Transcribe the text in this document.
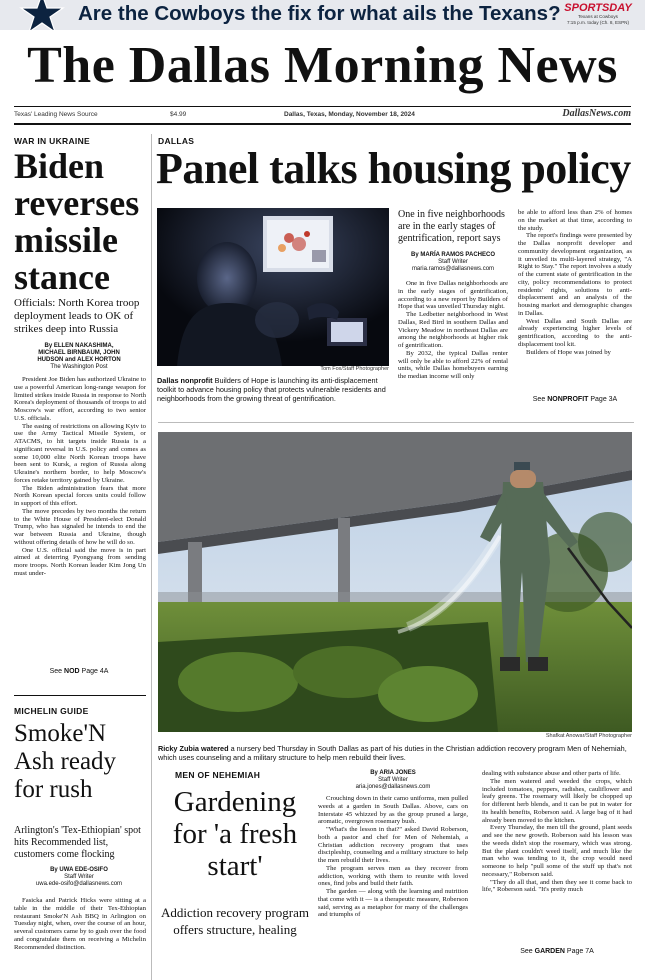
Are the Cowboys the fix for what ails the Texans? SPORTSDAY
Texans at Cowboys
7:15 p.m. today (Ch. 8, ESPN)
The Dallas Morning News
Texas' Leading News Source	$4.99	Dallas, Texas, Monday, November 18, 2024	DallasNews.com
WAR IN UKRAINE
Biden reverses missile stance
Officials: North Korea troop deployment leads to OK of strikes deep into Russia
By ELLEN NAKASHIMA,
MICHAEL BIRNBAUM, JOHN
HUDSON and ALEX HORTON
The Washington Post

President Joe Biden has authorized Ukraine to use a powerful American long-range weapon for limited strikes inside Russia in response to North Korea's deployment of thousands of troops to aid Moscow's war effort, according to two senior U.S. officials.

The easing of restrictions on allowing Kyiv to use the Army Tactical Missile System, or ATACMS, to hit targets inside Russia is a significant reversal in U.S. policy and comes as some 10,000 elite North Korean troops have been sent to Kursk, a region of Russia along Ukraine's northern border, to help Moscow's forces retake territory gained by Ukraine.

The Biden administration fears that more North Korean special forces units could follow in support of this effort.

The move precedes by two months the return to the White House of President-elect Donald Trump, who has signaled he intends to end the war between Russia and Ukraine, though without offering details of how he will do so.

One U.S. official said the move is in part aimed at deterring Pyongyang from sending more troops. North Korean leader Kim Jong Un must under-

See NOD Page 4A
MICHELIN GUIDE
Smoke'N Ash ready for rush
Arlington's 'Tex-Ethiopian' spot hits Recommended list, customers come flocking
By UWA EDE-OSIFO
Staff Writer
uwa.ede-osifo@dallasnews.com

Fasicka and Patrick Hicks were sitting at a table in the middle of their Tex-Ethiopian restaurant Smoke'N Ash BBQ in Arlington on Tuesday night, when, over the course of an hour, several customers came by to gush over the food and congratulate them on receiving a Michelin Recommended distinction.

DALLAS
Panel talks housing policy
Tom Fox/Staff Photographer
Dallas nonprofit Builders of Hope is launching its anti-displacement toolkit to advance housing policy that protects vulnerable residents and neighborhoods from the growing threat of gentrification.
One in five neighborhoods are in the early stages of gentrification, report says
By MARÍA RAMOS PACHECO
Staff Writer
maria.ramos@dallasnews.com

One in five Dallas neighborhoods are in the early stages of gentrification, according to a new report by Builders of Hope that was unveiled Thursday night.

The Ledbetter neighborhood in West Dallas, Red Bird in southern Dallas and Vickery Meadow in northeast Dallas are among the neighborhoods at higher risk of gentrification.

By 2032, the typical Dallas renter will only be able to afford 22% of rental units, while Dallas homebuyers earning the median income will only

be able to afford less than 2% of homes on the market at that time, according to the study.

The report's findings were presented by the Dallas nonprofit developer and community development organization, as it unveiled its multi-layered strategy, "A Right to Stay." The report involves a study of the current state of gentrification in the city, policy recommendations to protect residents' rights, solutions to anti-displacement and an analysis of the housing market and demographic changes in Dallas.

West Dallas and South Dallas are already experiencing higher levels of gentrification, according to the anti-displacement tool kit.

Builders of Hope was joined by

See NONPROFIT Page 3A
Shafkat Anowar/Staff Photographer
Ricky Zubia watered a nursery bed Thursday in South Dallas as part of his duties in the Christian addiction recovery program Men of Nehemiah, which uses counseling and a military structure to help men rebuild their lives.
MEN OF NEHEMIAH
Gardening for 'a fresh start'
Addiction recovery program offers structure, healing
By ARIA JONES
Staff Writer
aria.jones@dallasnews.com

Crouching down in their camo uniforms, men pulled weeds at a garden in South Dallas. Above, cars on Interstate 45 whizzed by as the group pruned a large, aromatic, overgrown rosemary bush.

"What's the lesson in that?" asked David Roberson, both a pastor and chef for Men of Nehemiah, a Christian addiction recovery program that uses discipleship, counseling and a military structure to help the men rebuild their lives.

The program serves men as they recover from addiction, working with them to reunite with loved ones, find jobs and build their faith.

The garden — along with the learning and nutrition that come with it — is a therapeutic measure, Roberson said, serving as a metaphor for many of the challenges and triumphs of

dealing with substance abuse and other parts of life.

The men watered and weeded the crops, which included tomatoes, peppers, radishes, cauliflower and leafy greens. The rosemary will likely be chopped up for different herb blends, and it can be put in water for its health benefits, Roberson said. A large bag of it had already been moved to the kitchen.

Every Thursday, the men till the ground, plant seeds and see the new growth. Roberson said his lesson was the weeds didn't stop the rosemary, which was strong. But the plant couldn't weed itself, and much like the man who was tending to it, the crop would need someone to help "pull some of the stuff up that's not necessary," Roberson said.

"They do all that, and then they see it come back to life," Roberson said. "It's pretty much

See GARDEN Page 7A
